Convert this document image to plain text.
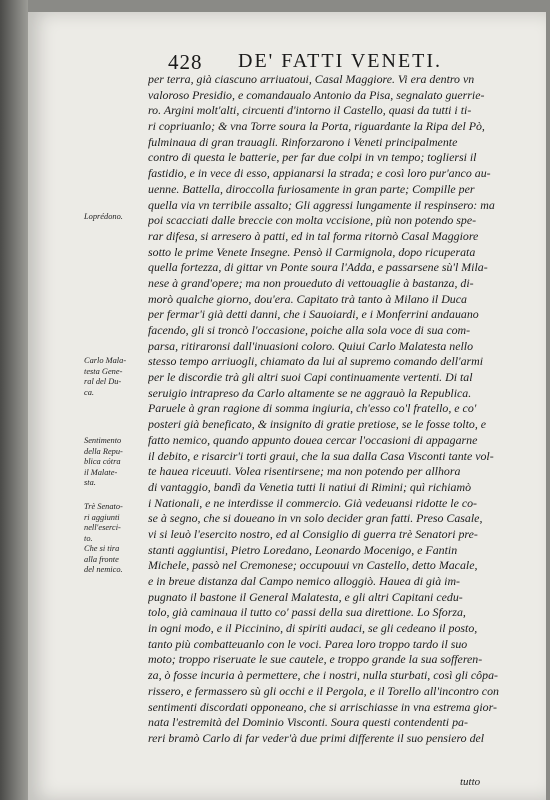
428 DE' FATTI VENETI.
per terra, già ciascuno arriuatoui, Casal Maggiore. Vi era dentro vn
valoroso Presidio, e comandaualo Antonio da Pisa, segnalato guerrie-
ro. Argini molt'alti, circuenti d'intorno il Castello, quasi da tutti i ti-
ri copriuanlo; & vna Torre soura la Porta, riguardante la Ripa del Pò,
fulminaua di gran trauagli. Rinforzarono i Veneti principalmente
contro di questa le batterie, per far due colpi in vn tempo; togliersi il
fastidio, e in vece di esso, appianarsi la strada; e così loro pur'anco au-
uenne. Battella, diroccolla furiosamente in gran parte; Compille per
quella via vn terribile assalto; Gli aggressi lungamente il respinsero: ma
poi scacciati dalle breccie con molta vccisione, più non potendo spe-
rar difesa, si arresero à patti, ed in tal forma ritornò Casal Maggiore
sotto le prime Venete Insegne. Pensò il Carmignola, dopo ricuperata
quella fortezza, di gittar vn Ponte soura l'Adda, e passarsene sù'l Mila-
nese à grand'opere; ma non proueduto di vettouaglie à bastanza, di-
morò qualche giorno, dou'era. Capitato trà tanto à Milano il Duca
per fermar'i già detti danni, che i Sauoiardi, e i Monferrini andauano
facendo, gli si troncò l'occasione, poiche alla sola voce di sua com-
parsa, ritiraronsi dall'inuasioni coloro. Quiui Carlo Malatesta nello
stesso tempo arriuogli, chiamato da lui al supremo comando dell'armi
per le discordie trà gli altri suoi Capi continuamente vertenti. Di tal
seruigio intrapreso da Carlo altamente se ne aggrauò la Republica.
Paruele à gran ragione di somma ingiuria, ch'esso co'l fratello, e co'
posteri già beneficato, & insignito di gratie pretiose, se le fosse tolto, e
fatto nemico, quando appunto doueа cercar l'occasioni di appagarne
il debito, e risarcir'i torti graui, che la sua dalla Casa Visconti tante vol-
te hauea riceuuti. Volea risentirsene; ma non potendo per allhora
di vantaggio, bandì da Venetia tutti li natiui di Rimini; quì richiamò
i Nationali, e ne interdisse il commercio. Già vedeuansi ridotte le co-
se à segno, che si doueano in vn solo decider gran fatti. Preso Casale,
vi si leuò l'esercito nostro, ed al Consiglio di guerra trè Senatori pre-
stanti aggiuntisi, Pietro Loredano, Leonardo Mocenigo, e Fantin
Michele, passò nel Cremonese; occupouui vn Castello, detto Macale,
e in breue distanza dal Campo nemico alloggiò. Hauea di già im-
pugnato il bastone il General Malatesta, e gli altri Capitani cedu-
tolo, già caminaua il tutto co' passi della sua direttione. Lo Sforza,
in ogni modo, e il Piccinino, di spiriti audaci, se gli cedeano il posto,
tanto più combatteuanlo con le voci. Parea loro troppo tardo il suo
moto; troppo riseruate le sue cautele, e troppo grande la sua sofferen-
za, ò fosse incuria à permettere, che i nostri, nulla sturbati, così gli côpa-
rissero, e fermassero sù gli occhi e il Pergola, e il Torello all'incontro con
sentimenti discordati opponeano, che si arrischiasse in vna estrema gior-
nata l'estremità del Dominio Visconti. Soura questi contendenti pa-
reri bramò Carlo di far veder'à due primi differente il suo pensiero del
Loprédono.
Carlo Mala-
testa Gene-
ral del Du-
ca.
Sentimento
della Repu-
blica cótra
il Malate-
sta.
Trè Senato-
ri aggiunti
nell'eserci-
to.
Che si tira
alla fronte
del nemico.
tutto
